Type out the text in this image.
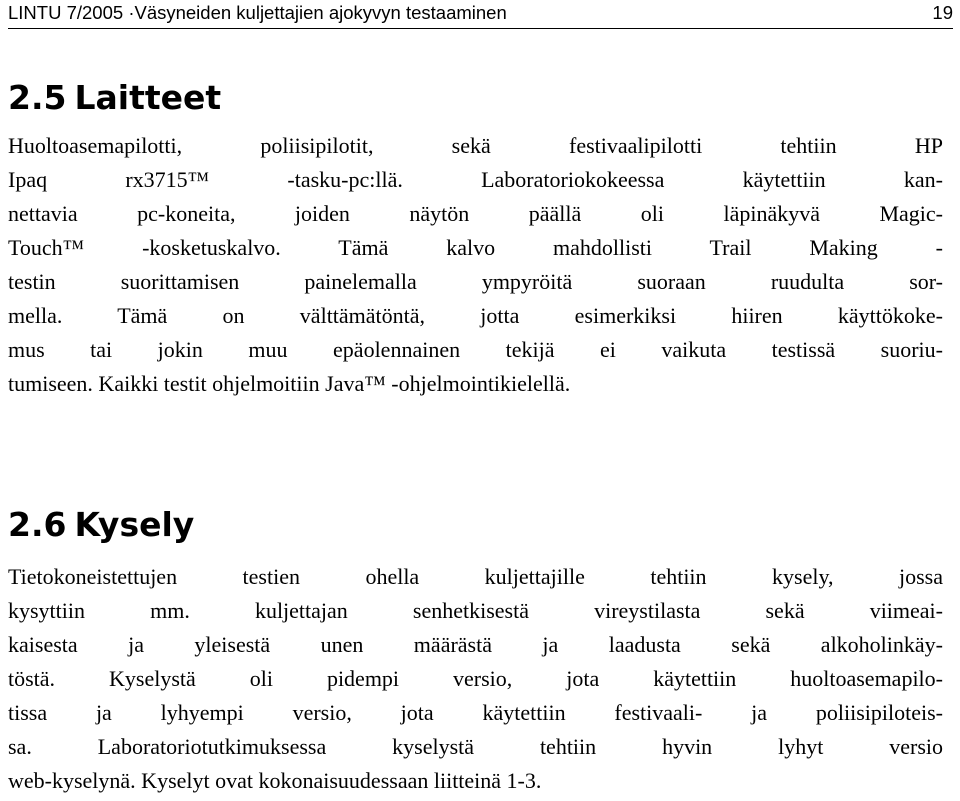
LINTU 7/2005 ·Väsyneiden kuljettajien ajokyvyn testaaminen	19
2.5 Laitteet
Huoltoasemapilotti, poliisipilotit, sekä festivaalipilotti tehtiin HP
Ipaq rx3715™ -tasku-pc:llä. Laboratoriokokeessa käytettiin kan-
nettavia pc-koneita, joiden näytön päällä oli läpinäkyvä Magic-
Touch™ -kosketuskalvo. Tämä kalvo mahdollisti Trail Making -
testin suorittamisen painelemalla ympyröitä suoraan ruudulta sor-
mella. Tämä on välttämätöntä, jotta esimerkiksi hiiren käyttökoke-
mus tai jokin muu epäolennainen tekijä ei vaikuta testissä suoriu-
tumiseen. Kaikki testit ohjelmoitiin Java™ -ohjelmointikielellä.
2.6 Kysely
Tietokoneistettujen testien ohella kuljettajille tehtiin kysely, jossa
kysyttiin mm. kuljettajan senhetkisestä vireystilasta sekä viimeai-
kaisesta ja yleisestä unen määrästä ja laadusta sekä alkoholinkäy-
töstä. Kyselystä oli pidempi versio, jota käytettiin huoltoasemapilo-
tissa ja lyhyempi versio, jota käytettiin festivaali- ja poliisipiloteis-
sa. Laboratoriotutkimuksessa kyselystä tehtiin hyvin lyhyt versio
web-kyselynä. Kyselyt ovat kokonaisuudessaan liitteinä 1-3.
